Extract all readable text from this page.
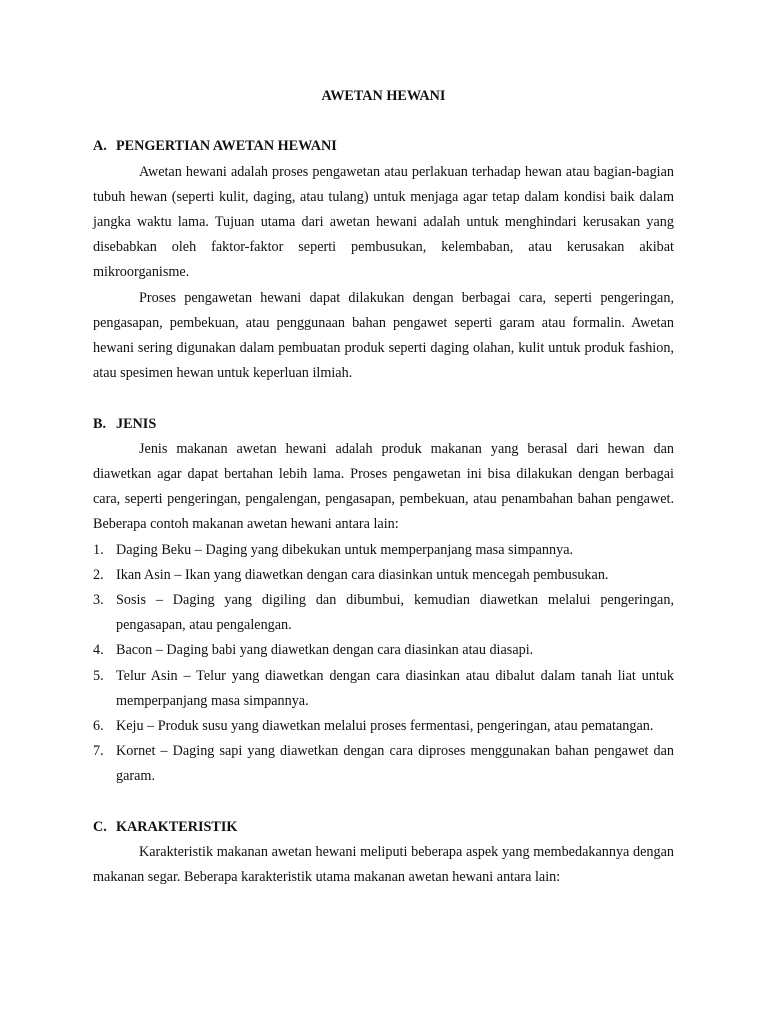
AWETAN HEWANI

A. PENGERTIAN AWETAN HEWANI

Awetan hewani adalah proses pengawetan atau perlakuan terhadap hewan atau bagian-bagian tubuh hewan (seperti kulit, daging, atau tulang) untuk menjaga agar tetap dalam kondisi baik dalam jangka waktu lama. Tujuan utama dari awetan hewani adalah untuk menghindari kerusakan yang disebabkan oleh faktor-faktor seperti pembusukan, kelembaban, atau kerusakan akibat mikroorganisme.

Proses pengawetan hewani dapat dilakukan dengan berbagai cara, seperti pengeringan, pengasapan, pembekuan, atau penggunaan bahan pengawet seperti garam atau formalin. Awetan hewani sering digunakan dalam pembuatan produk seperti daging olahan, kulit untuk produk fashion, atau spesimen hewan untuk keperluan ilmiah.

B. JENIS

Jenis makanan awetan hewani adalah produk makanan yang berasal dari hewan dan diawetkan agar dapat bertahan lebih lama. Proses pengawetan ini bisa dilakukan dengan berbagai cara, seperti pengeringan, pengalengan, pengasapan, pembekuan, atau penambahan bahan pengawet. Beberapa contoh makanan awetan hewani antara lain:

1. Daging Beku – Daging yang dibekukan untuk memperpanjang masa simpannya.
2. Ikan Asin – Ikan yang diawetkan dengan cara diasinkan untuk mencegah pembusukan.
3. Sosis – Daging yang digiling dan dibumbui, kemudian diawetkan melalui pengeringan, pengasapan, atau pengalengan.
4. Bacon – Daging babi yang diawetkan dengan cara diasinkan atau diasapi.
5. Telur Asin – Telur yang diawetkan dengan cara diasinkan atau dibalut dalam tanah liat untuk memperpanjang masa simpannya.
6. Keju – Produk susu yang diawetkan melalui proses fermentasi, pengeringan, atau pematangan.
7. Kornet – Daging sapi yang diawetkan dengan cara diproses menggunakan bahan pengawet dan garam.

C. KARAKTERISTIK

Karakteristik makanan awetan hewani meliputi beberapa aspek yang membedakannya dengan makanan segar. Beberapa karakteristik utama makanan awetan hewani antara lain:
